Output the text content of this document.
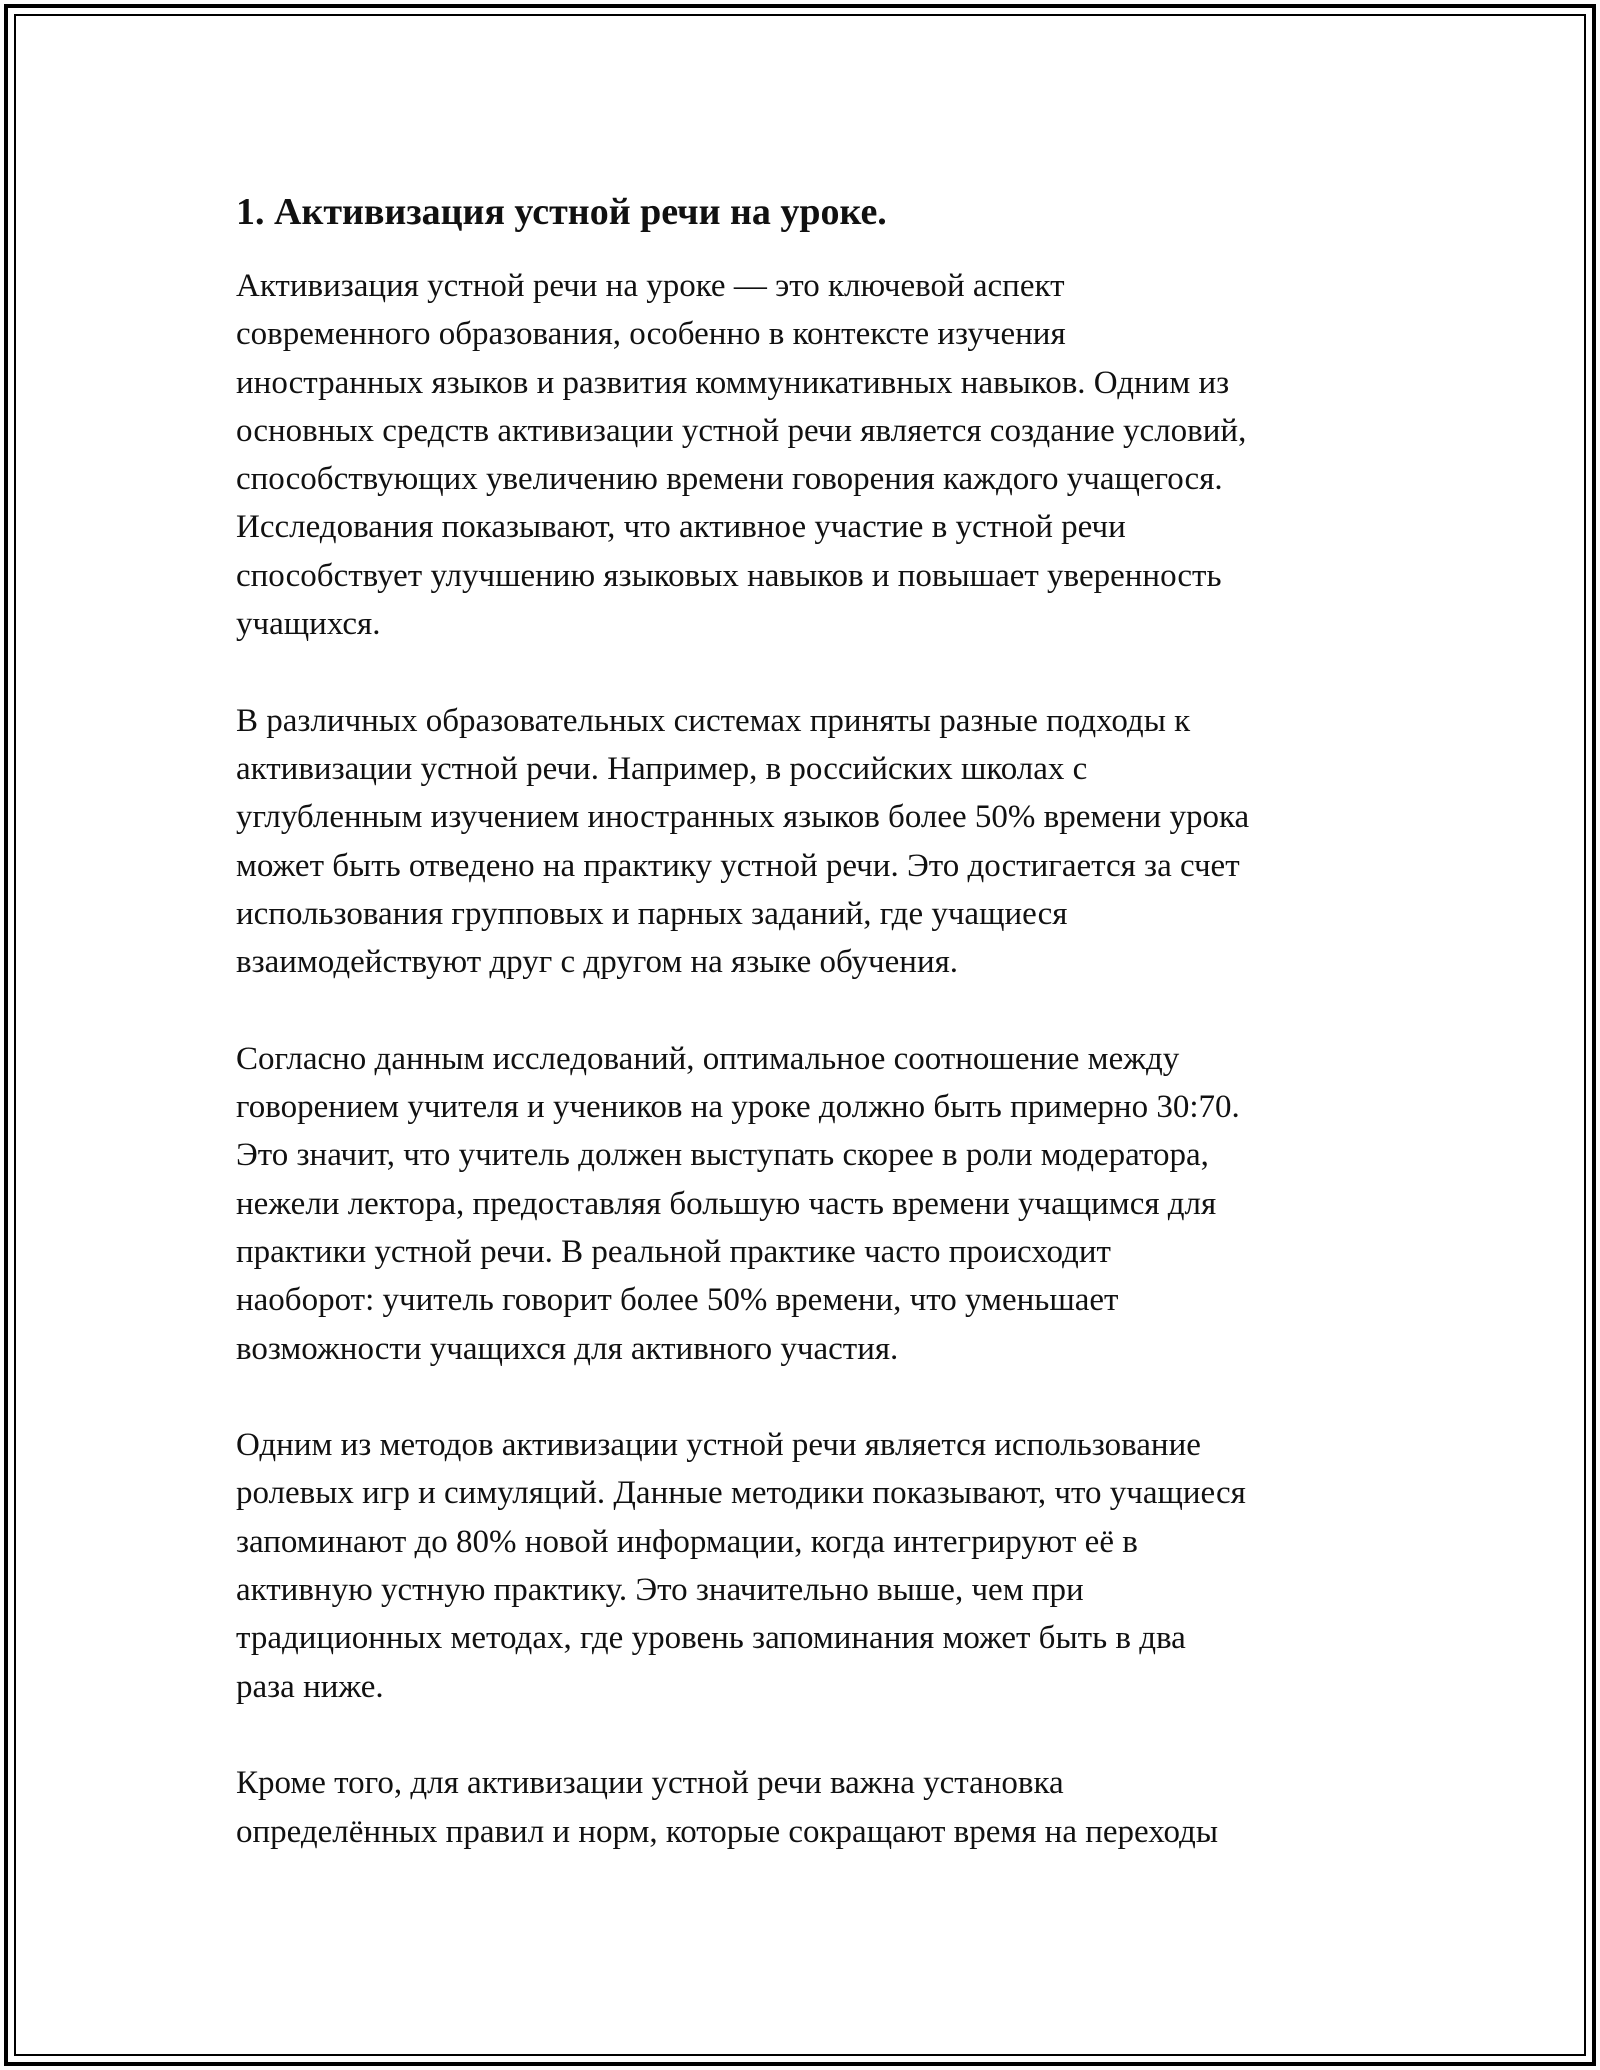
1. Активизация устной речи на уроке.
Активизация устной речи на уроке — это ключевой аспект
современного образования, особенно в контексте изучения
иностранных языков и развития коммуникативных навыков. Одним из
основных средств активизации устной речи является создание условий,
способствующих увеличению времени говорения каждого учащегося.
Исследования показывают, что активное участие в устной речи
способствует улучшению языковых навыков и повышает уверенность
учащихся.
В различных образовательных системах приняты разные подходы к
активизации устной речи. Например, в российских школах с
углубленным изучением иностранных языков более 50% времени урока
может быть отведено на практику устной речи. Это достигается за счет
использования групповых и парных заданий, где учащиеся
взаимодействуют друг с другом на языке обучения.
Согласно данным исследований, оптимальное соотношение между
говорением учителя и учеников на уроке должно быть примерно 30:70.
Это значит, что учитель должен выступать скорее в роли модератора,
нежели лектора, предоставляя большую часть времени учащимся для
практики устной речи. В реальной практике часто происходит
наоборот: учитель говорит более 50% времени, что уменьшает
возможности учащихся для активного участия.
Одним из методов активизации устной речи является использование
ролевых игр и симуляций. Данные методики показывают, что учащиеся
запоминают до 80% новой информации, когда интегрируют её в
активную устную практику. Это значительно выше, чем при
традиционных методах, где уровень запоминания может быть в два
раза ниже.
Кроме того, для активизации устной речи важна установка
определённых правил и норм, которые сокращают время на переходы
